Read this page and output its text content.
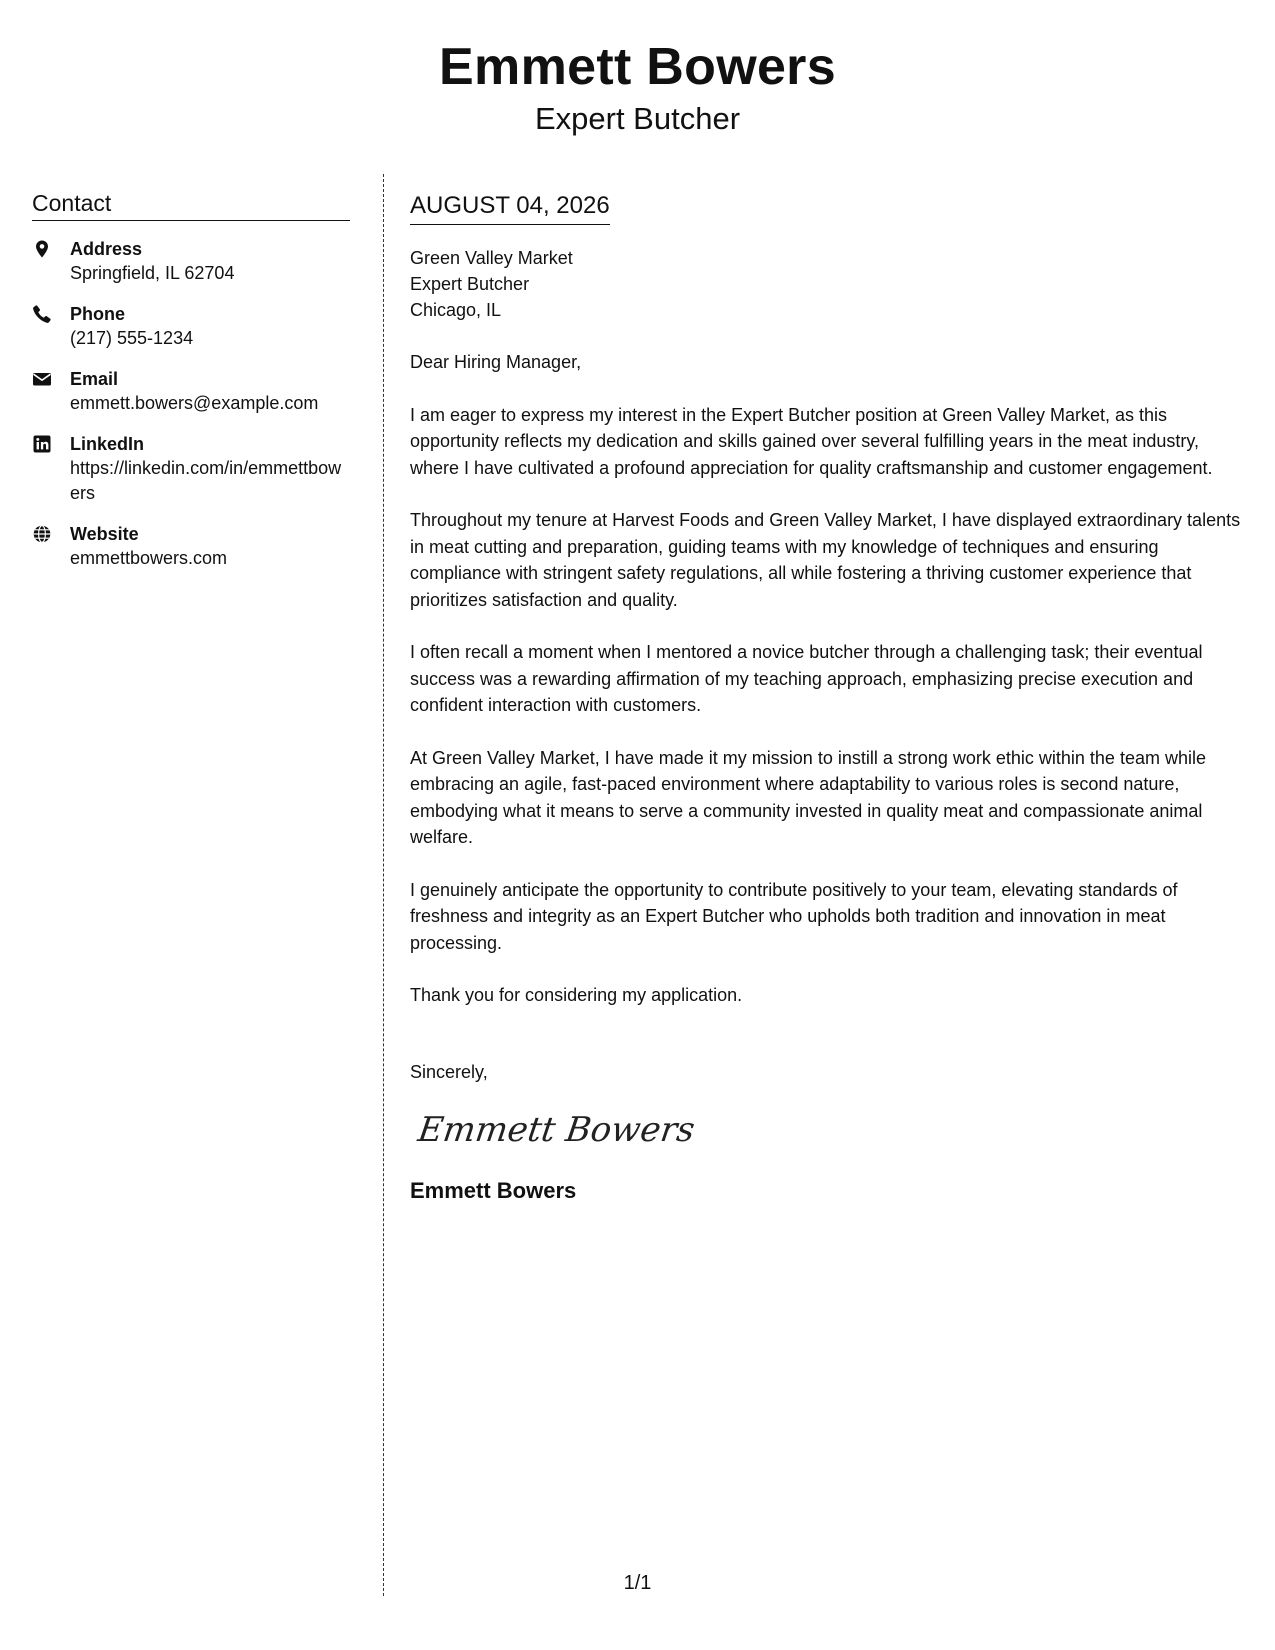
Emmett Bowers
Expert Butcher
Contact
Address
Springfield, IL 62704
Phone
(217) 555-1234
Email
emmett.bowers@example.com
LinkedIn
https://linkedin.com/in/emmettbowers
Website
emmettbowers.com
AUGUST 04, 2026
Green Valley Market
Expert Butcher
Chicago, IL

Dear Hiring Manager,

I am eager to express my interest in the Expert Butcher position at Green Valley Market, as this opportunity reflects my dedication and skills gained over several fulfilling years in the meat industry, where I have cultivated a profound appreciation for quality craftsmanship and customer engagement.

Throughout my tenure at Harvest Foods and Green Valley Market, I have displayed extraordinary talents in meat cutting and preparation, guiding teams with my knowledge of techniques and ensuring compliance with stringent safety regulations, all while fostering a thriving customer experience that prioritizes satisfaction and quality.

I often recall a moment when I mentored a novice butcher through a challenging task; their eventual success was a rewarding affirmation of my teaching approach, emphasizing precise execution and confident interaction with customers.

At Green Valley Market, I have made it my mission to instill a strong work ethic within the team while embracing an agile, fast-paced environment where adaptability to various roles is second nature, embodying what it means to serve a community invested in quality meat and compassionate animal welfare.

I genuinely anticipate the opportunity to contribute positively to your team, elevating standards of freshness and integrity as an Expert Butcher who upholds both tradition and innovation in meat processing.

Thank you for considering my application.

Sincerely,
Emmett Bowers
Emmett Bowers
1/1
